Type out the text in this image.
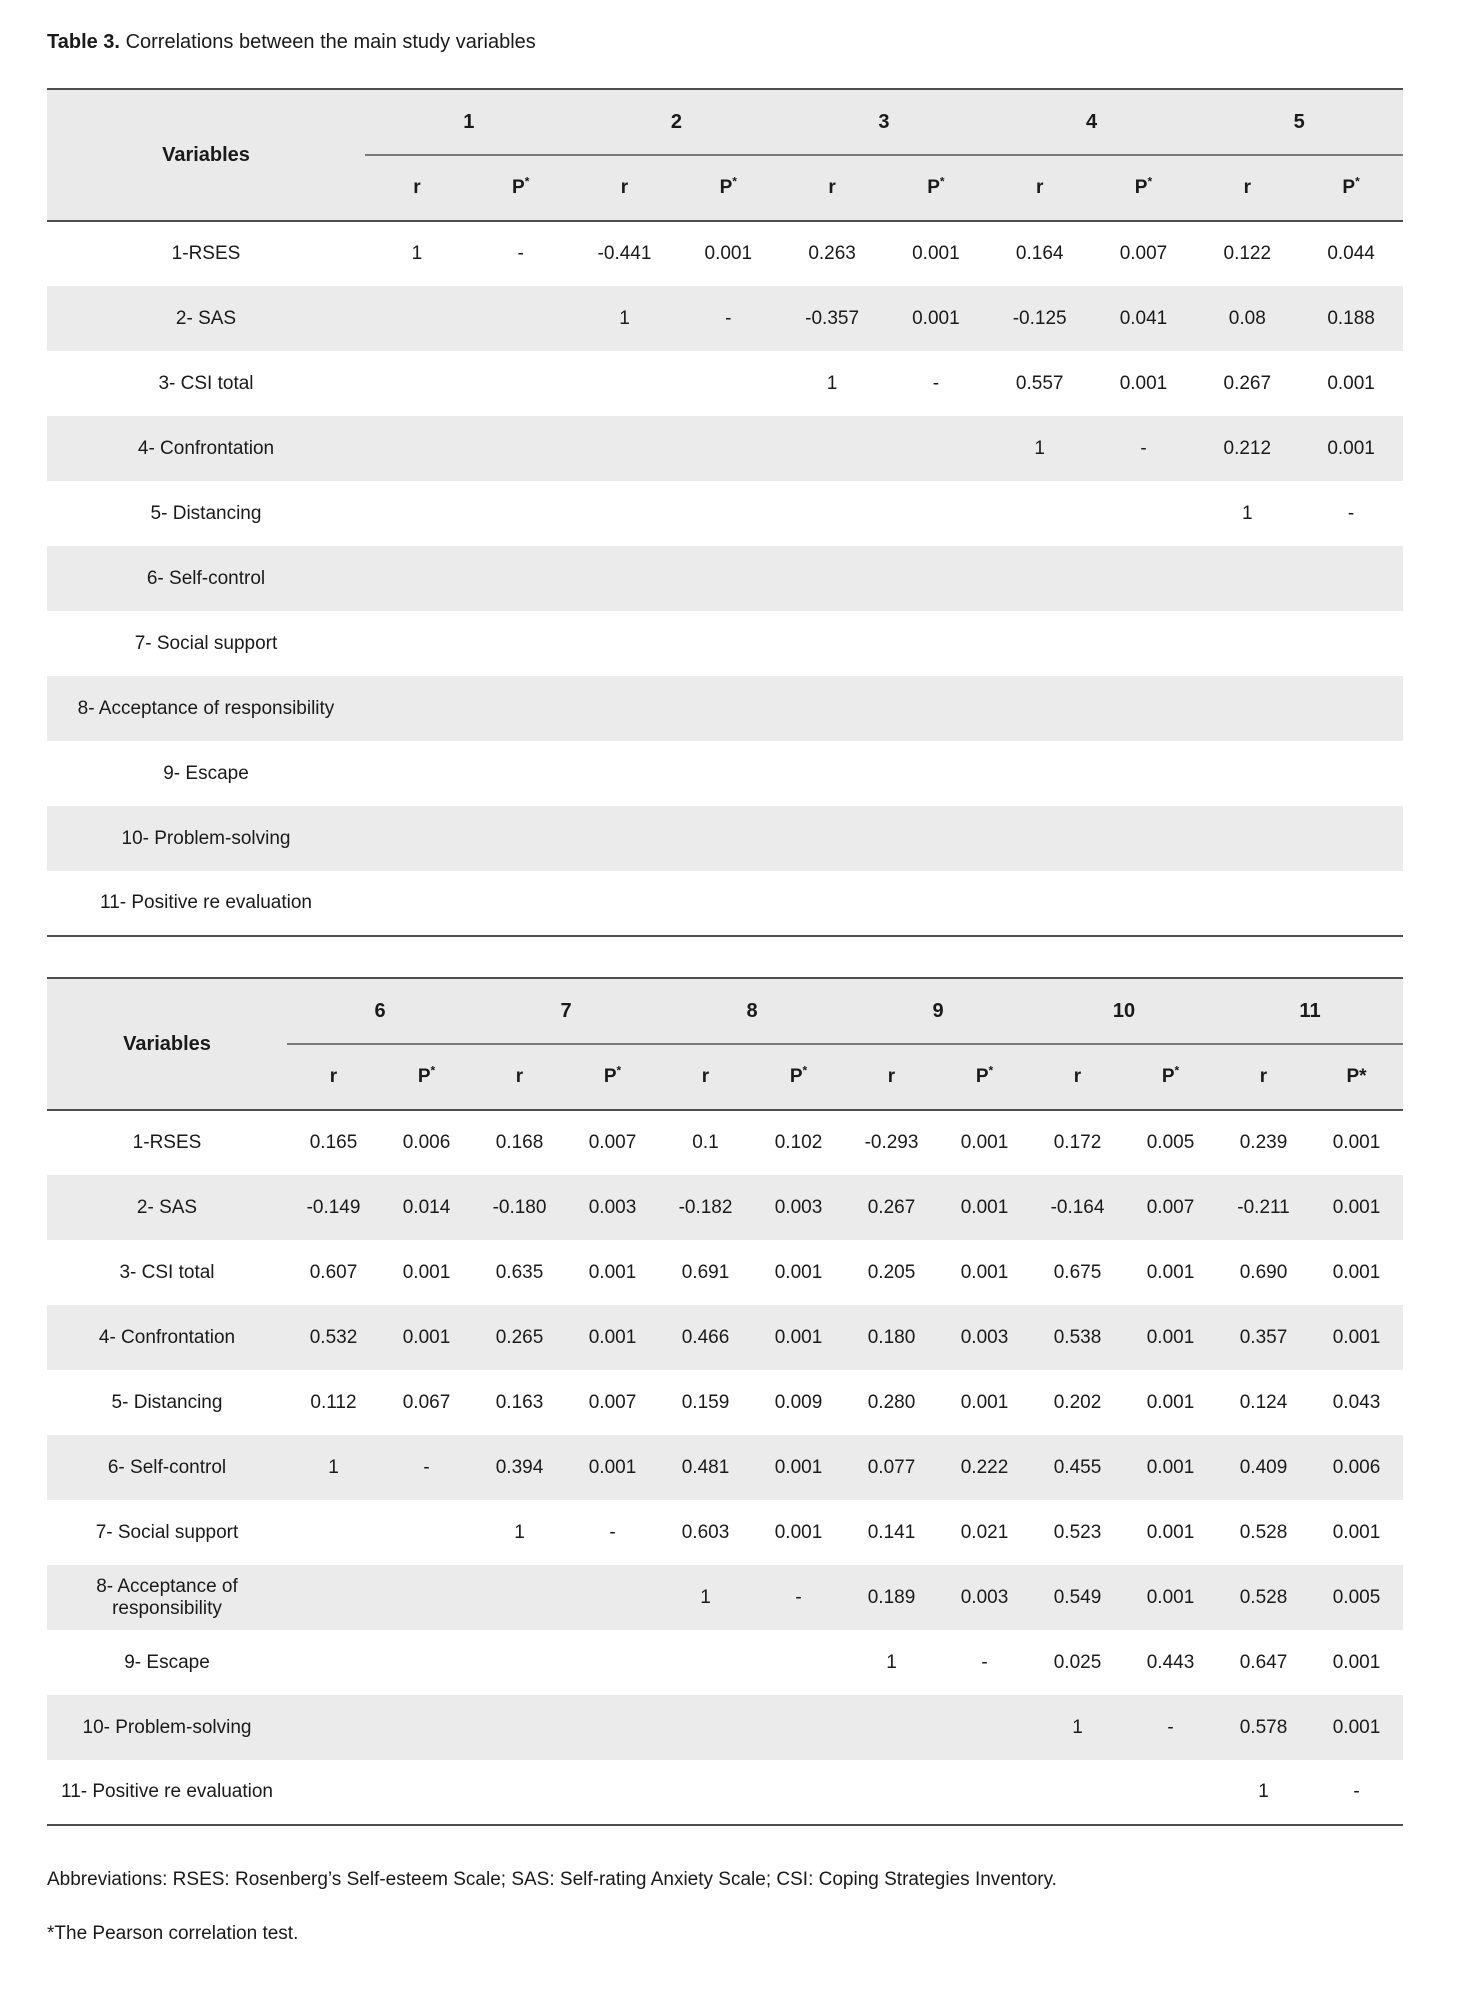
Table 3. Correlations between the main study variables

Variables	1		2		3		4		5	
	r	P*	r	P*	r	P*	r	P*	r	P*
1-RSES	1	-	-0.441	0.001	0.263	0.001	0.164	0.007	0.122	0.044
2- SAS			1	-	-0.357	0.001	-0.125	0.041	0.08	0.188
3- CSI total					1	-	0.557	0.001	0.267	0.001
4- Confrontation							1	-	0.212	0.001
5- Distancing									1	-
6- Self-control										
7- Social support										
8- Acceptance of responsibility										
9- Escape										
10- Problem-solving										
11- Positive re evaluation										
Variables	6		7		8		9		10		11	
	r	P*	r	P*	r	P*	r	P*	r	P*	r	P*
1-RSES	0.165	0.006	0.168	0.007	0.1	0.102	-0.293	0.001	0.172	0.005	0.239	0.001
2- SAS	-0.149	0.014	-0.180	0.003	-0.182	0.003	0.267	0.001	-0.164	0.007	-0.211	0.001
3- CSI total	0.607	0.001	0.635	0.001	0.691	0.001	0.205	0.001	0.675	0.001	0.690	0.001
4- Confrontation	0.532	0.001	0.265	0.001	0.466	0.001	0.180	0.003	0.538	0.001	0.357	0.001
5- Distancing	0.112	0.067	0.163	0.007	0.159	0.009	0.280	0.001	0.202	0.001	0.124	0.043
6- Self-control	1	-	0.394	0.001	0.481	0.001	0.077	0.222	0.455	0.001	0.409	0.006
7- Social support			1	-	0.603	0.001	0.141	0.021	0.523	0.001	0.528	0.001
8- Acceptance of responsibility					1	-	0.189	0.003	0.549	0.001	0.528	0.005
9- Escape							1	-	0.025	0.443	0.647	0.001
10- Problem-solving									1	-	0.578	0.001
11- Positive re evaluation											1	-

Abbreviations: RSES: Rosenberg’s Self-esteem Scale; SAS: Self-rating Anxiety Scale; CSI: Coping Strategies Inventory.

*The Pearson correlation test.
